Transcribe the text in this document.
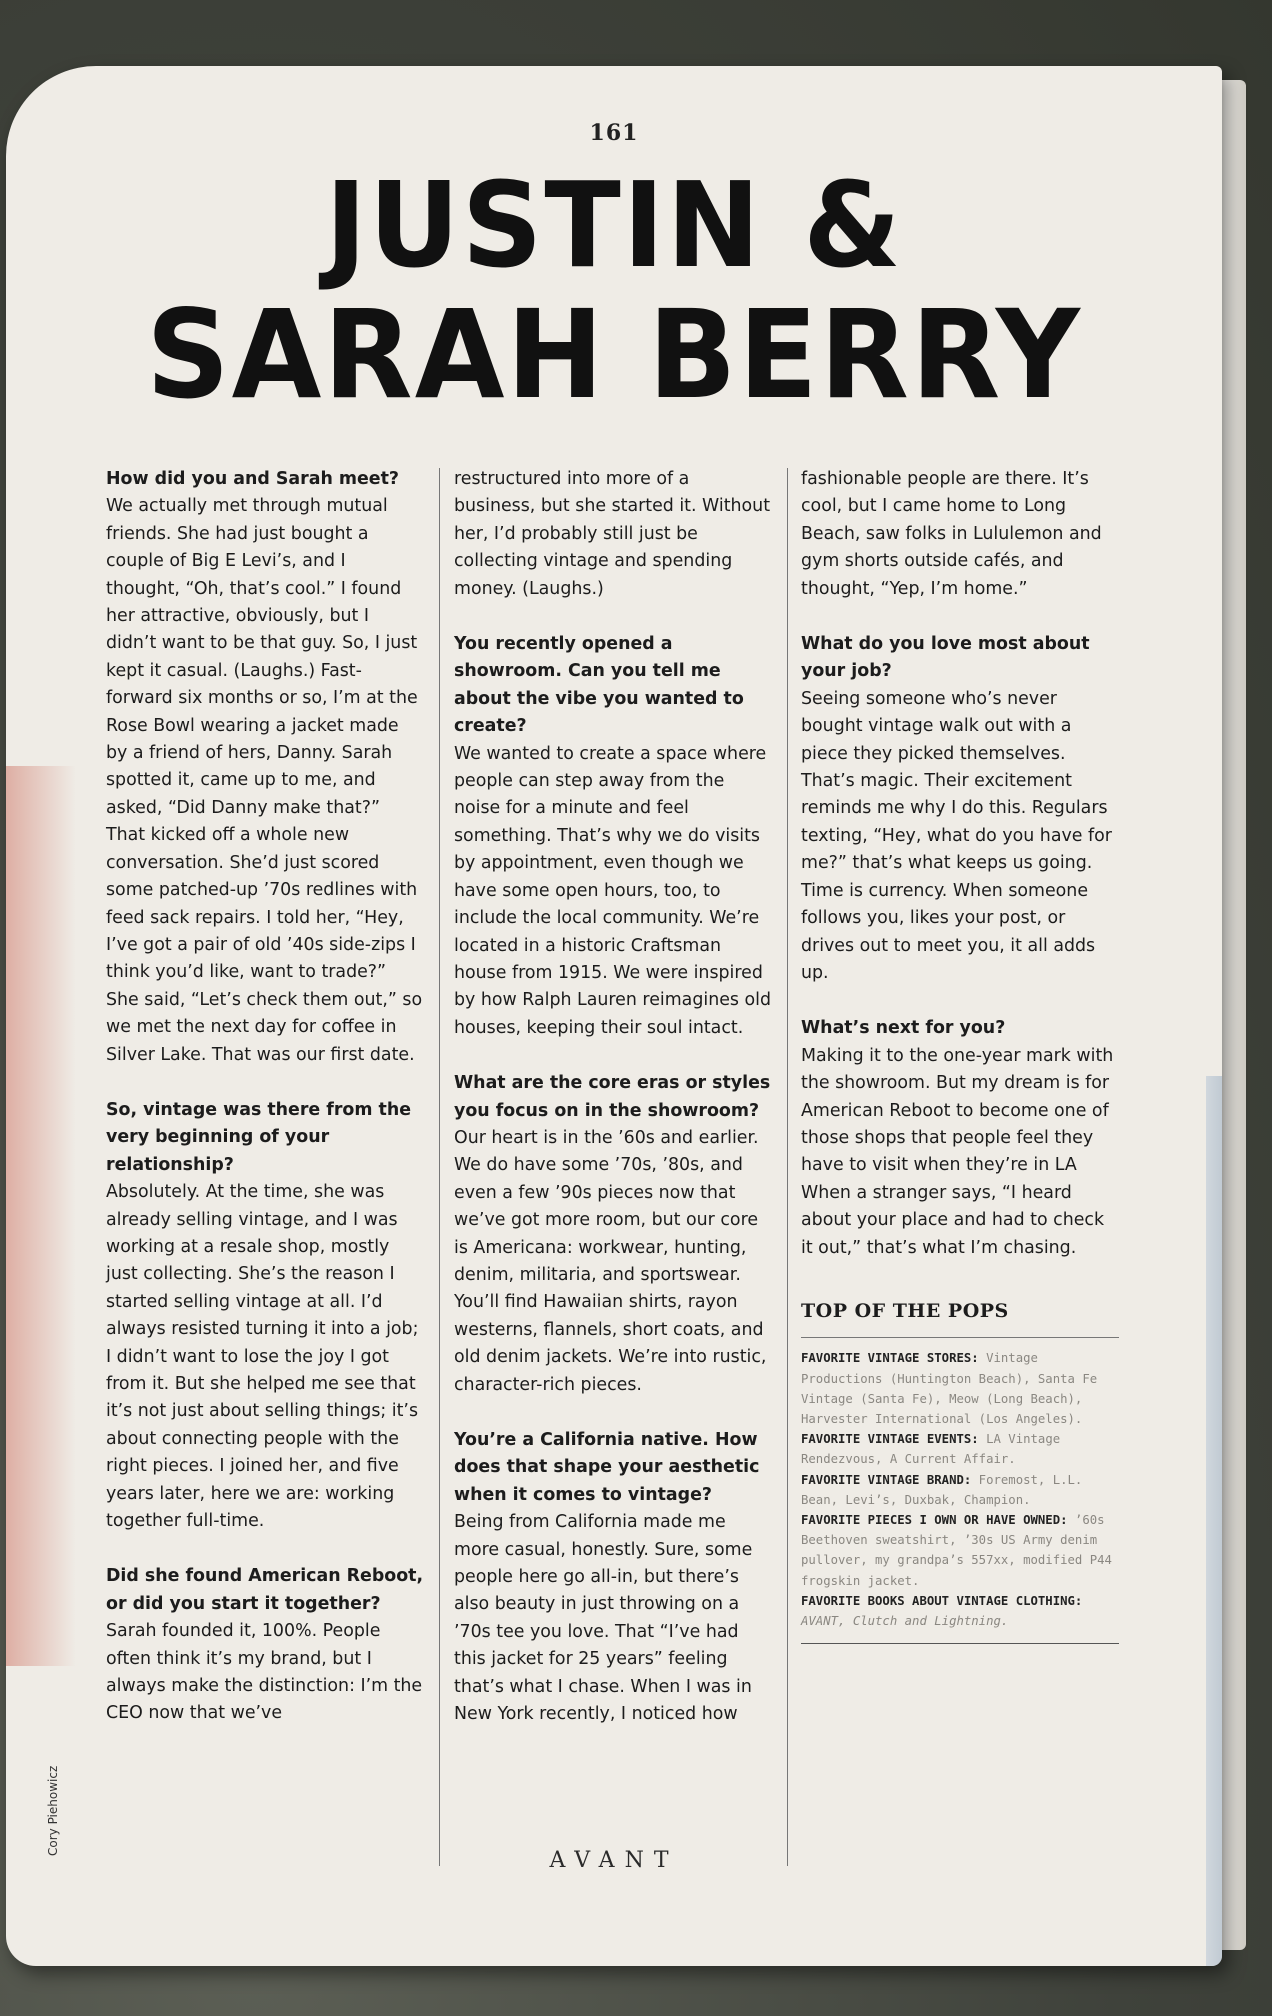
161
JUSTIN &
SARAH BERRY

How did you and Sarah meet?

We actually met through mutual friends. She had just bought a couple of Big E Levi’s, and I thought, “Oh, that’s cool.” I found her attractive, obviously, but I didn’t want to be that guy. So, I just kept it casual. (Laughs.) Fast-forward six months or so, I’m at the Rose Bowl wearing a jacket made by a friend of hers, Danny. Sarah spotted it, came up to me, and asked, “Did Danny make that?” That kicked off a whole new conversation. She’d just scored some patched-up ’70s redlines with feed sack repairs. I told her, “Hey, I’ve got a pair of old ’40s side-zips I think you’d like, want to trade?” She said, “Let’s check them out,” so we met the next day for coffee in Silver Lake. That was our first date.

So, vintage was there from the very beginning of your relationship?

Absolutely. At the time, she was already selling vintage, and I was working at a resale shop, mostly just collecting. She’s the reason I started selling vintage at all. I’d always resisted turning it into a job; I didn’t want to lose the joy I got from it. But she helped me see that it’s not just about selling things; it’s about connecting people with the right pieces. I joined her, and five years later, here we are: working together full-time.

Did she found American Reboot, or did you start it together?

Sarah founded it, 100%. People often think it’s my brand, but I always make the distinction: I’m the CEO now that we’ve

restructured into more of a business, but she started it. Without her, I’d probably still just be collecting vintage and spending money. (Laughs.)

You recently opened a showroom. Can you tell me about the vibe you wanted to create?

We wanted to create a space where people can step away from the noise for a minute and feel something. That’s why we do visits by appointment, even though we have some open hours, too, to include the local community. We’re located in a historic Craftsman house from 1915. We were inspired by how Ralph Lauren reimagines old houses, keeping their soul intact.

What are the core eras or styles you focus on in the showroom?

Our heart is in the ’60s and earlier. We do have some ’70s, ’80s, and even a few ’90s pieces now that we’ve got more room, but our core is Americana: workwear, hunting, denim, militaria, and sportswear. You’ll find Hawaiian shirts, rayon westerns, flannels, short coats, and old denim jackets. We’re into rustic, character-rich pieces.

You’re a California native. How does that shape your aesthetic when it comes to vintage?

Being from California made me more casual, honestly. Sure, some people here go all-in, but there’s also beauty in just throwing on a ’70s tee you love. That “I’ve had this jacket for 25 years” feeling that’s what I chase. When I was in New York recently, I noticed how

fashionable people are there. It’s cool, but I came home to Long Beach, saw folks in Lululemon and gym shorts outside cafés, and thought, “Yep, I’m home.”

What do you love most about your job?

Seeing someone who’s never bought vintage walk out with a piece they picked themselves. That’s magic. Their excitement reminds me why I do this. Regulars texting, “Hey, what do you have for me?” that’s what keeps us going. Time is currency. When someone follows you, likes your post, or drives out to meet you, it all adds up.

What’s next for you?

Making it to the one-year mark with the showroom. But my dream is for American Reboot to become one of those shops that people feel they have to visit when they’re in LA When a stranger says, “I heard about your place and had to check it out,” that’s what I’m chasing.

TOP OF THE POPS
FAVORITE VINTAGE STORES: Vintage Productions (Huntington Beach), Santa Fe Vintage (Santa Fe), Meow (Long Beach), Harvester International (Los Angeles).
FAVORITE VINTAGE EVENTS: LA Vintage Rendezvous, A Current Affair.
FAVORITE VINTAGE BRAND: Foremost, L.L. Bean, Levi’s, Duxbak, Champion.
FAVORITE PIECES I OWN OR HAVE OWNED: ’60s Beethoven sweatshirt, ’30s US Army denim pullover, my grandpa’s 557xx, modified P44 frogskin jacket.
FAVORITE BOOKS ABOUT VINTAGE CLOTHING: AVANT, Clutch and Lightning.
Cory Piehowicz
AVANT
